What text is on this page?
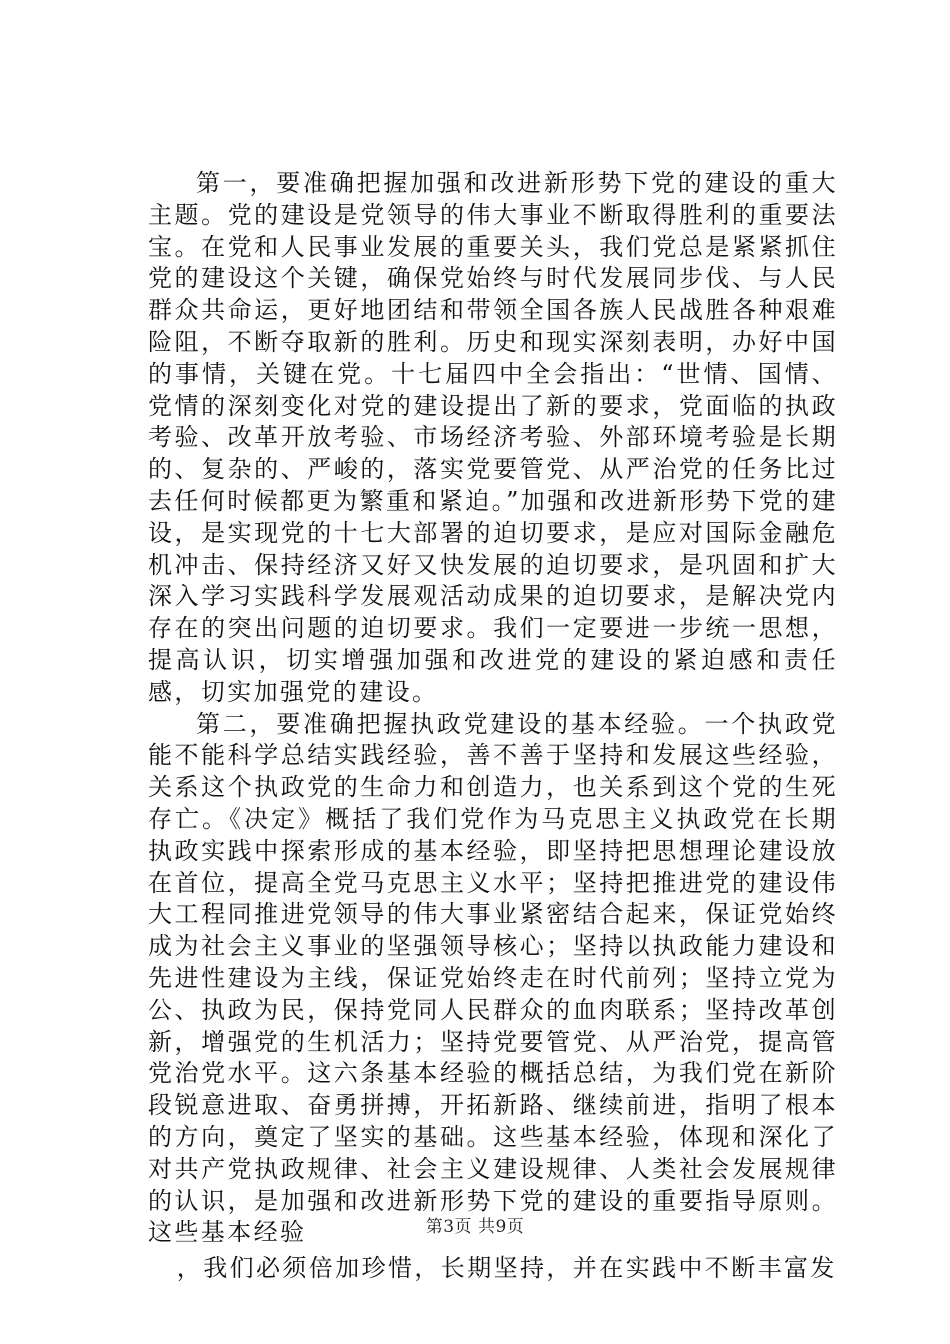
第一，要准确把握加强和改进新形势下党的建设的重大主题。党的建设是党领导的伟大事业不断取得胜利的重要法宝。在党和人民事业发展的重要关头，我们党总是紧紧抓住党的建设这个关键，确保党始终与时代发展同步伐、与人民群众共命运，更好地团结和带领全国各族人民战胜各种艰难险阻，不断夺取新的胜利。历史和现实深刻表明，办好中国的事情，关键在党。十七届四中全会指出：“世情、国情、党情的深刻变化对党的建设提出了新的要求，党面临的执政考验、改革开放考验、市场经济考验、外部环境考验是长期的、复杂的、严峻的，落实党要管党、从严治党的任务比过去任何时候都更为繁重和紧迫。”加强和改进新形势下党的建设，是实现党的十七大部署的迫切要求，是应对国际金融危机冲击、保持经济又好又快发展的迫切要求，是巩固和扩大深入学习实践科学发展观活动成果的迫切要求，是解决党内存在的突出问题的迫切要求。我们一定要进一步统一思想，提高认识，切实增强加强和改进党的建设的紧迫感和责任感，切实加强党的建设。

第二，要准确把握执政党建设的基本经验。一个执政党能不能科学总结实践经验，善不善于坚持和发展这些经验，关系这个执政党的生命力和创造力，也关系到这个党的生死存亡。《决定》概括了我们党作为马克思主义执政党在长期执政实践中探索形成的基本经验，即坚持把思想理论建设放在首位，提高全党马克思主义水平；坚持把推进党的建设伟大工程同推进党领导的伟大事业紧密结合起来，保证党始终成为社会主义事业的坚强领导核心；坚持以执政能力建设和先进性建设为主线，保证党始终走在时代前列；坚持立党为公、执政为民，保持党同人民群众的血肉联系；坚持改革创新，增强党的生机活力；坚持党要管党、从严治党，提高管党治党水平。这六条基本经验的概括总结，为我们党在新阶段锐意进取、奋勇拼搏，开拓新路、继续前进，指明了根本的方向，奠定了坚实的基础。这些基本经验，体现和深化了对共产党执政规律、社会主义建设规律、人类社会发展规律的认识，是加强和改进新形势下党的建设的重要指导原则。这些基本经验

，我们必须倍加珍惜，长期坚持，并在实践中不断丰富发

第3页 共9页
